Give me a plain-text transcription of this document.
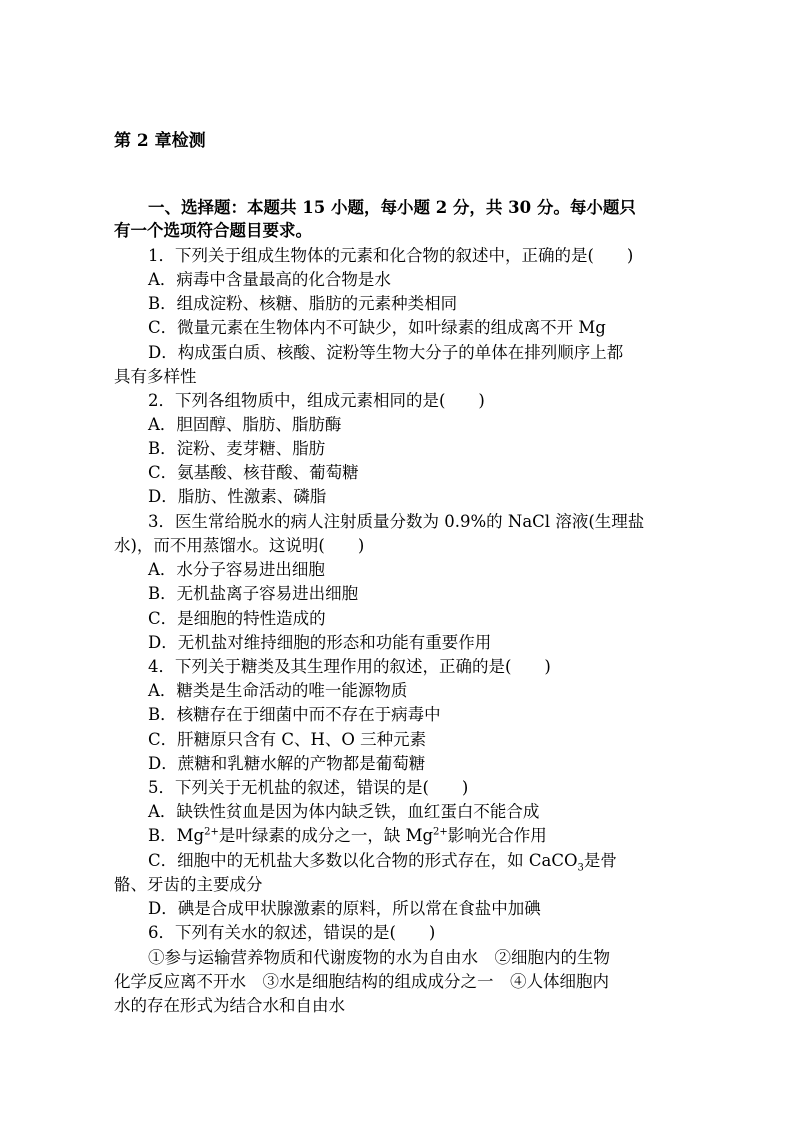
第 2 章检测
一、选择题：本题共 15 小题，每小题 2 分，共 30 分。每小题只
有一个选项符合题目要求。
1．下列关于组成生物体的元素和化合物的叙述中，正确的是(　　)
A．病毒中含量最高的化合物是水
B．组成淀粉、核糖、脂肪的元素种类相同
C．微量元素在生物体内不可缺少，如叶绿素的组成离不开 Mg
D．构成蛋白质、核酸、淀粉等生物大分子的单体在排列顺序上都
具有多样性
2．下列各组物质中，组成元素相同的是(　　)
A．胆固醇、脂肪、脂肪酶
B．淀粉、麦芽糖、脂肪
C．氨基酸、核苷酸、葡萄糖
D．脂肪、性激素、磷脂
3．医生常给脱水的病人注射质量分数为 0.9%的 NaCl 溶液(生理盐
水)，而不用蒸馏水。这说明(　　)
A．水分子容易进出细胞
B．无机盐离子容易进出细胞
C．是细胞的特性造成的
D．无机盐对维持细胞的形态和功能有重要作用
4．下列关于糖类及其生理作用的叙述，正确的是(　　)
A．糖类是生命活动的唯一能源物质
B．核糖存在于细菌中而不存在于病毒中
C．肝糖原只含有 C、H、O 三种元素
D．蔗糖和乳糖水解的产物都是葡萄糖
5．下列关于无机盐的叙述，错误的是(　　)
A．缺铁性贫血是因为体内缺乏铁，血红蛋白不能合成
B．$Mg^{2+}$是叶绿素的成分之一，缺 $Mg^{2+}$影响光合作用
C．细胞中的无机盐大多数以化合物的形式存在，如 CaCO$_3$是骨
骼、牙齿的主要成分
D．碘是合成甲状腺激素的原料，所以常在食盐中加碘
6．下列有关水的叙述，错误的是(　　)
①参与运输营养物质和代谢废物的水为自由水　②细胞内的生物
化学反应离不开水　③水是细胞结构的组成成分之一　④人体细胞内
水的存在形式为结合水和自由水
